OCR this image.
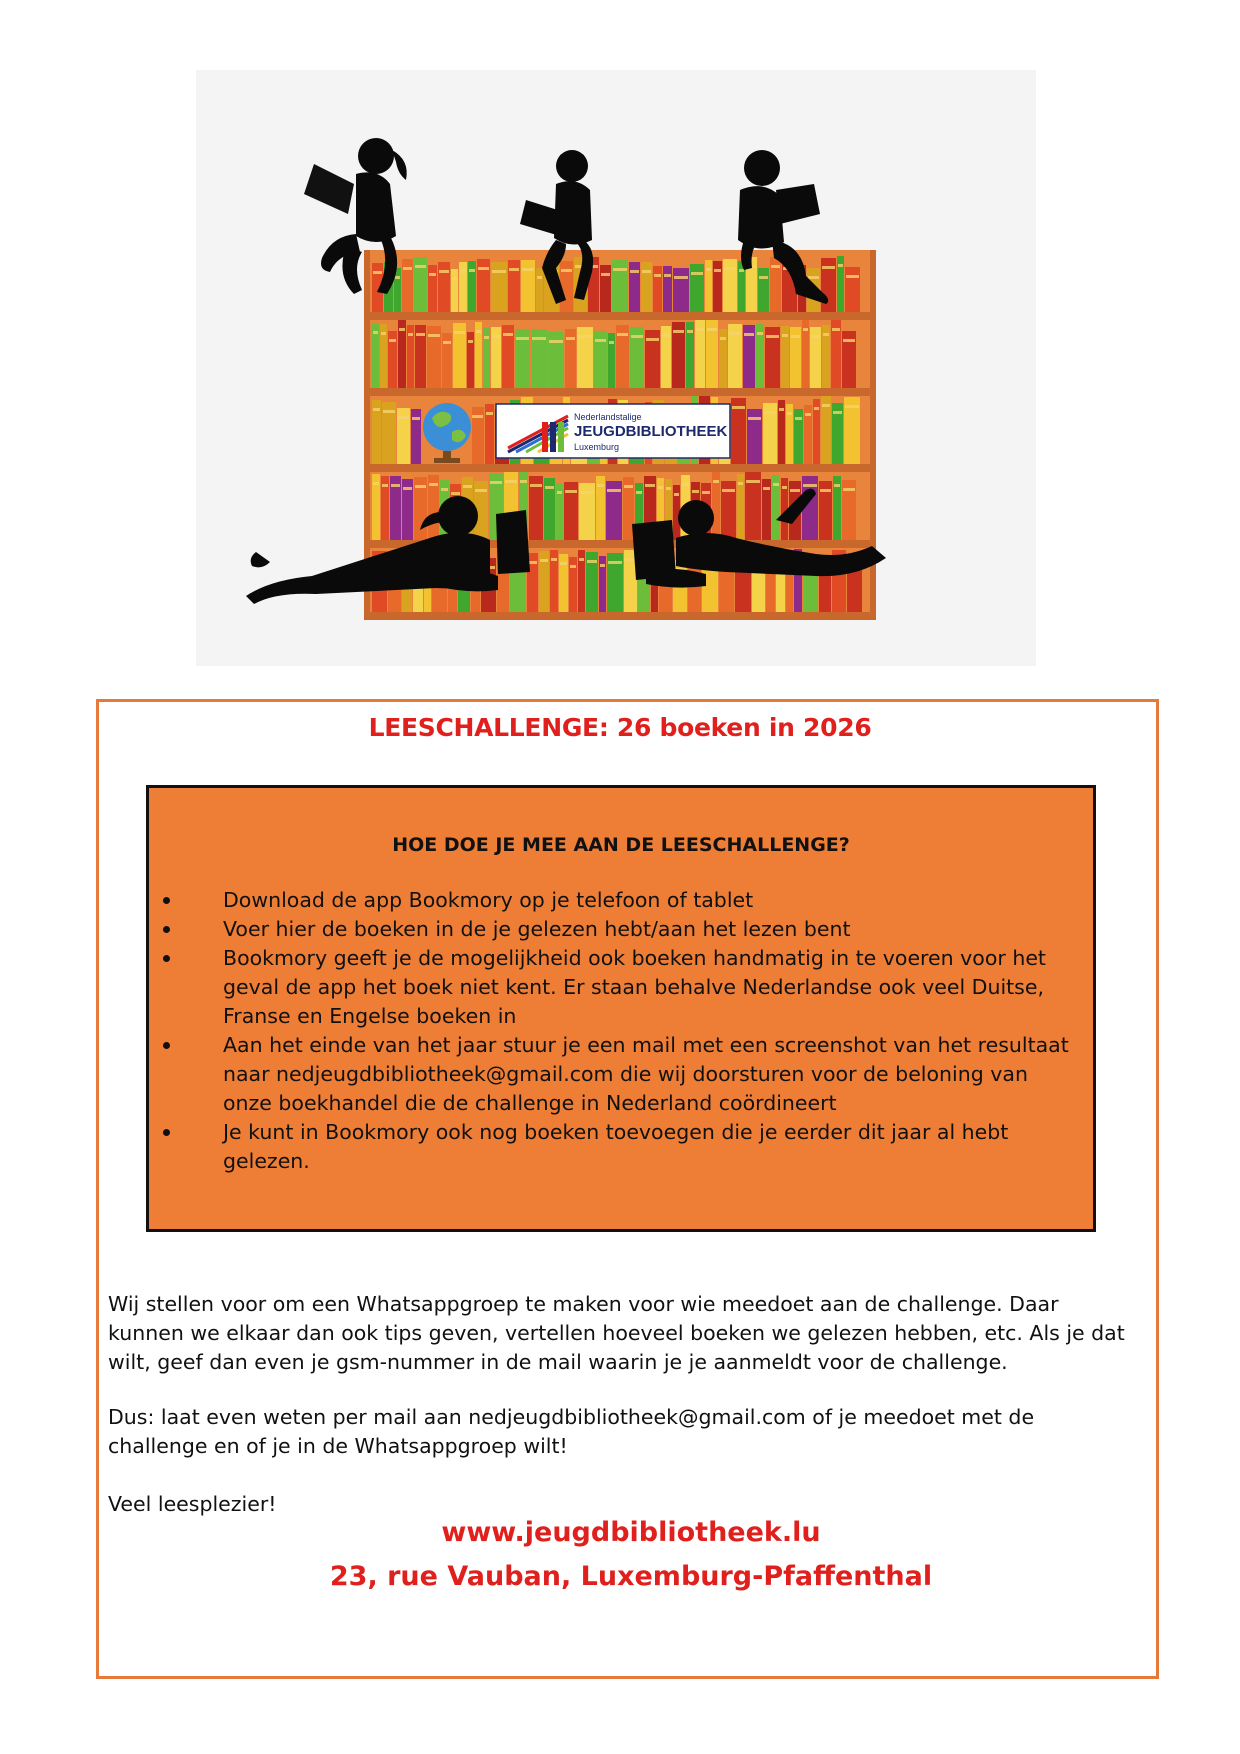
Nederlandstalige
JEUGDBIBLIOTHEEK
Luxemburg
LEESCHALLENGE: 26 boeken in 2026
HOE DOE JE MEE AAN DE LEESCHALLENGE?
Download de app Bookmory op je telefoon of tablet
Voer hier de boeken in de je gelezen hebt/aan het lezen bent
Bookmory geeft je de mogelijkheid ook boeken handmatig in te voeren voor het geval de app het boek niet kent. Er staan behalve Nederlandse ook veel Duitse, Franse en Engelse boeken in
Aan het einde van het jaar stuur je een mail met een screenshot van het resultaat naar nedjeugdbibliotheek@gmail.com die wij doorsturen voor de beloning van onze boekhandel die de challenge in Nederland coördineert
Je kunt in Bookmory ook nog boeken toevoegen die je eerder dit jaar al hebt gelezen.

Wij stellen voor om een Whatsappgroep te maken voor wie meedoet aan de challenge. Daar kunnen we elkaar dan ook tips geven, vertellen hoeveel boeken we gelezen hebben, etc. Als je dat wilt, geef dan even je gsm-nummer in de mail waarin je je aanmeldt voor de challenge.

Dus: laat even weten per mail aan nedjeugdbibliotheek@gmail.com of je meedoet met de challenge en of je in de Whatsappgroep wilt!

Veel leesplezier!

www.jeugdbibliotheek.lu
23, rue Vauban, Luxemburg-Pfaffenthal
